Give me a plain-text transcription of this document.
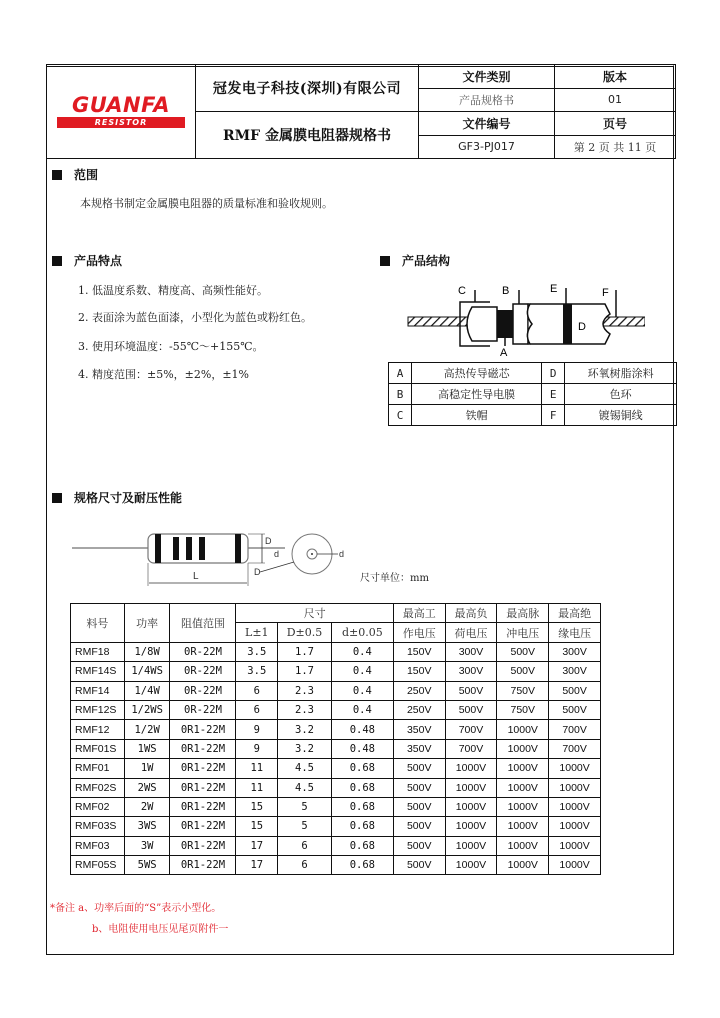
GUANFA
RESISTOR	冠发电子科技(深圳)有限公司	文件类别	版本
		产品规格书	01
	RMF 金属膜电阻器规格书	文件编号	页号
		GF3-PJ017	第 2 页 共 11 页
范围
本规格书制定金属膜电阻器的质量标准和验收规则。
产品特点
1. 低温度系数、精度高、高频性能好。
2. 表面涂为蓝色面漆，小型化为蓝色或粉红色。
3. 使用环境温度：-55℃～+155℃。
4. 精度范围：±5%，±2%，±1%
产品结构
C	B	E	F
D
A
A	高热传导磁芯	D	环氧树脂涂料
B	高稳定性导电膜	E	色环
C	铁帽	F	镀锡铜线
规格尺寸及耐压性能
L
D
d
D
d
尺寸单位：mm
料号	功率	阻值范围	尺寸			最高工	最高负	最高脉	最高绝
			L±1	D±0.5	d±0.05	作电压	荷电压	冲电压	缘电压
RMF18	1/8W	0R-22M	3.5	1.7	0.4	150V	300V	500V	300V
RMF14S	1/4WS	0R-22M	3.5	1.7	0.4	150V	300V	500V	300V
RMF14	1/4W	0R-22M	6	2.3	0.4	250V	500V	750V	500V
RMF12S	1/2WS	0R-22M	6	2.3	0.4	250V	500V	750V	500V
RMF12	1/2W	0R1-22M	9	3.2	0.48	350V	700V	1000V	700V
RMF01S	1WS	0R1-22M	9	3.2	0.48	350V	700V	1000V	700V
RMF01	1W	0R1-22M	11	4.5	0.68	500V	1000V	1000V	1000V
RMF02S	2WS	0R1-22M	11	4.5	0.68	500V	1000V	1000V	1000V
RMF02	2W	0R1-22M	15	5	0.68	500V	1000V	1000V	1000V
RMF03S	3WS	0R1-22M	15	5	0.68	500V	1000V	1000V	1000V
RMF03	3W	0R1-22M	17	6	0.68	500V	1000V	1000V	1000V
RMF05S	5WS	0R1-22M	17	6	0.68	500V	1000V	1000V	1000V
*备注 a、功率后面的“S”表示小型化。
b、电阻使用电压见尾页附件一
